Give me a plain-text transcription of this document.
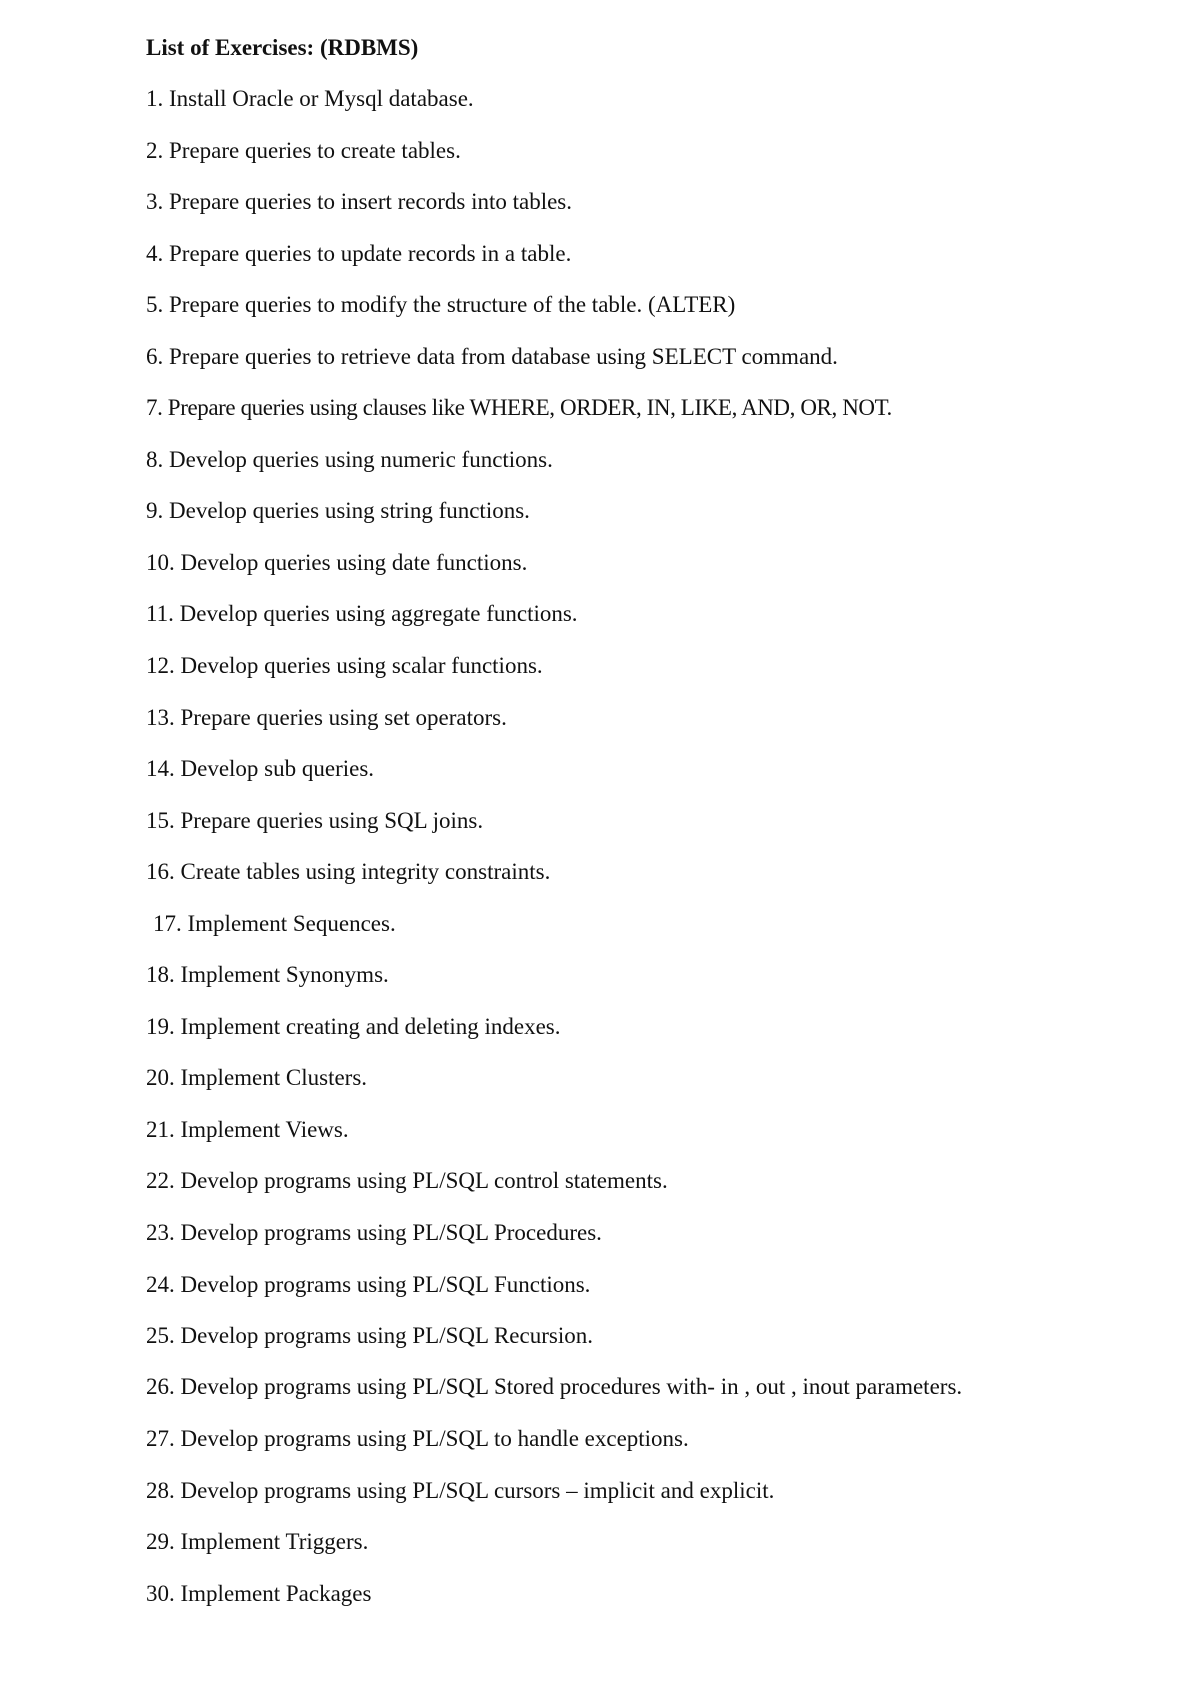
List of Exercises: (RDBMS)
1. Install Oracle or Mysql database.
2. Prepare queries to create tables.
3. Prepare queries to insert records into tables.
4. Prepare queries to update records in a table.
5. Prepare queries to modify the structure of the table. (ALTER)
6. Prepare queries to retrieve data from database using SELECT command.
7. Prepare queries using clauses like WHERE, ORDER, IN, LIKE, AND, OR, NOT.
8. Develop queries using numeric functions.
9. Develop queries using string functions.
10. Develop queries using date functions.
11. Develop queries using aggregate functions.
12. Develop queries using scalar functions.
13. Prepare queries using set operators.
14. Develop sub queries.
15. Prepare queries using SQL joins.
16. Create tables using integrity constraints.
17. Implement Sequences.
18. Implement Synonyms.
19. Implement creating and deleting indexes.
20. Implement Clusters.
21. Implement Views.
22. Develop programs using PL/SQL control statements.
23. Develop programs using PL/SQL Procedures.
24. Develop programs using PL/SQL Functions.
25. Develop programs using PL/SQL Recursion.
26. Develop programs using PL/SQL Stored procedures with- in , out , inout parameters.
27. Develop programs using PL/SQL to handle exceptions.
28. Develop programs using PL/SQL cursors – implicit and explicit.
29. Implement Triggers.
30. Implement Packages
